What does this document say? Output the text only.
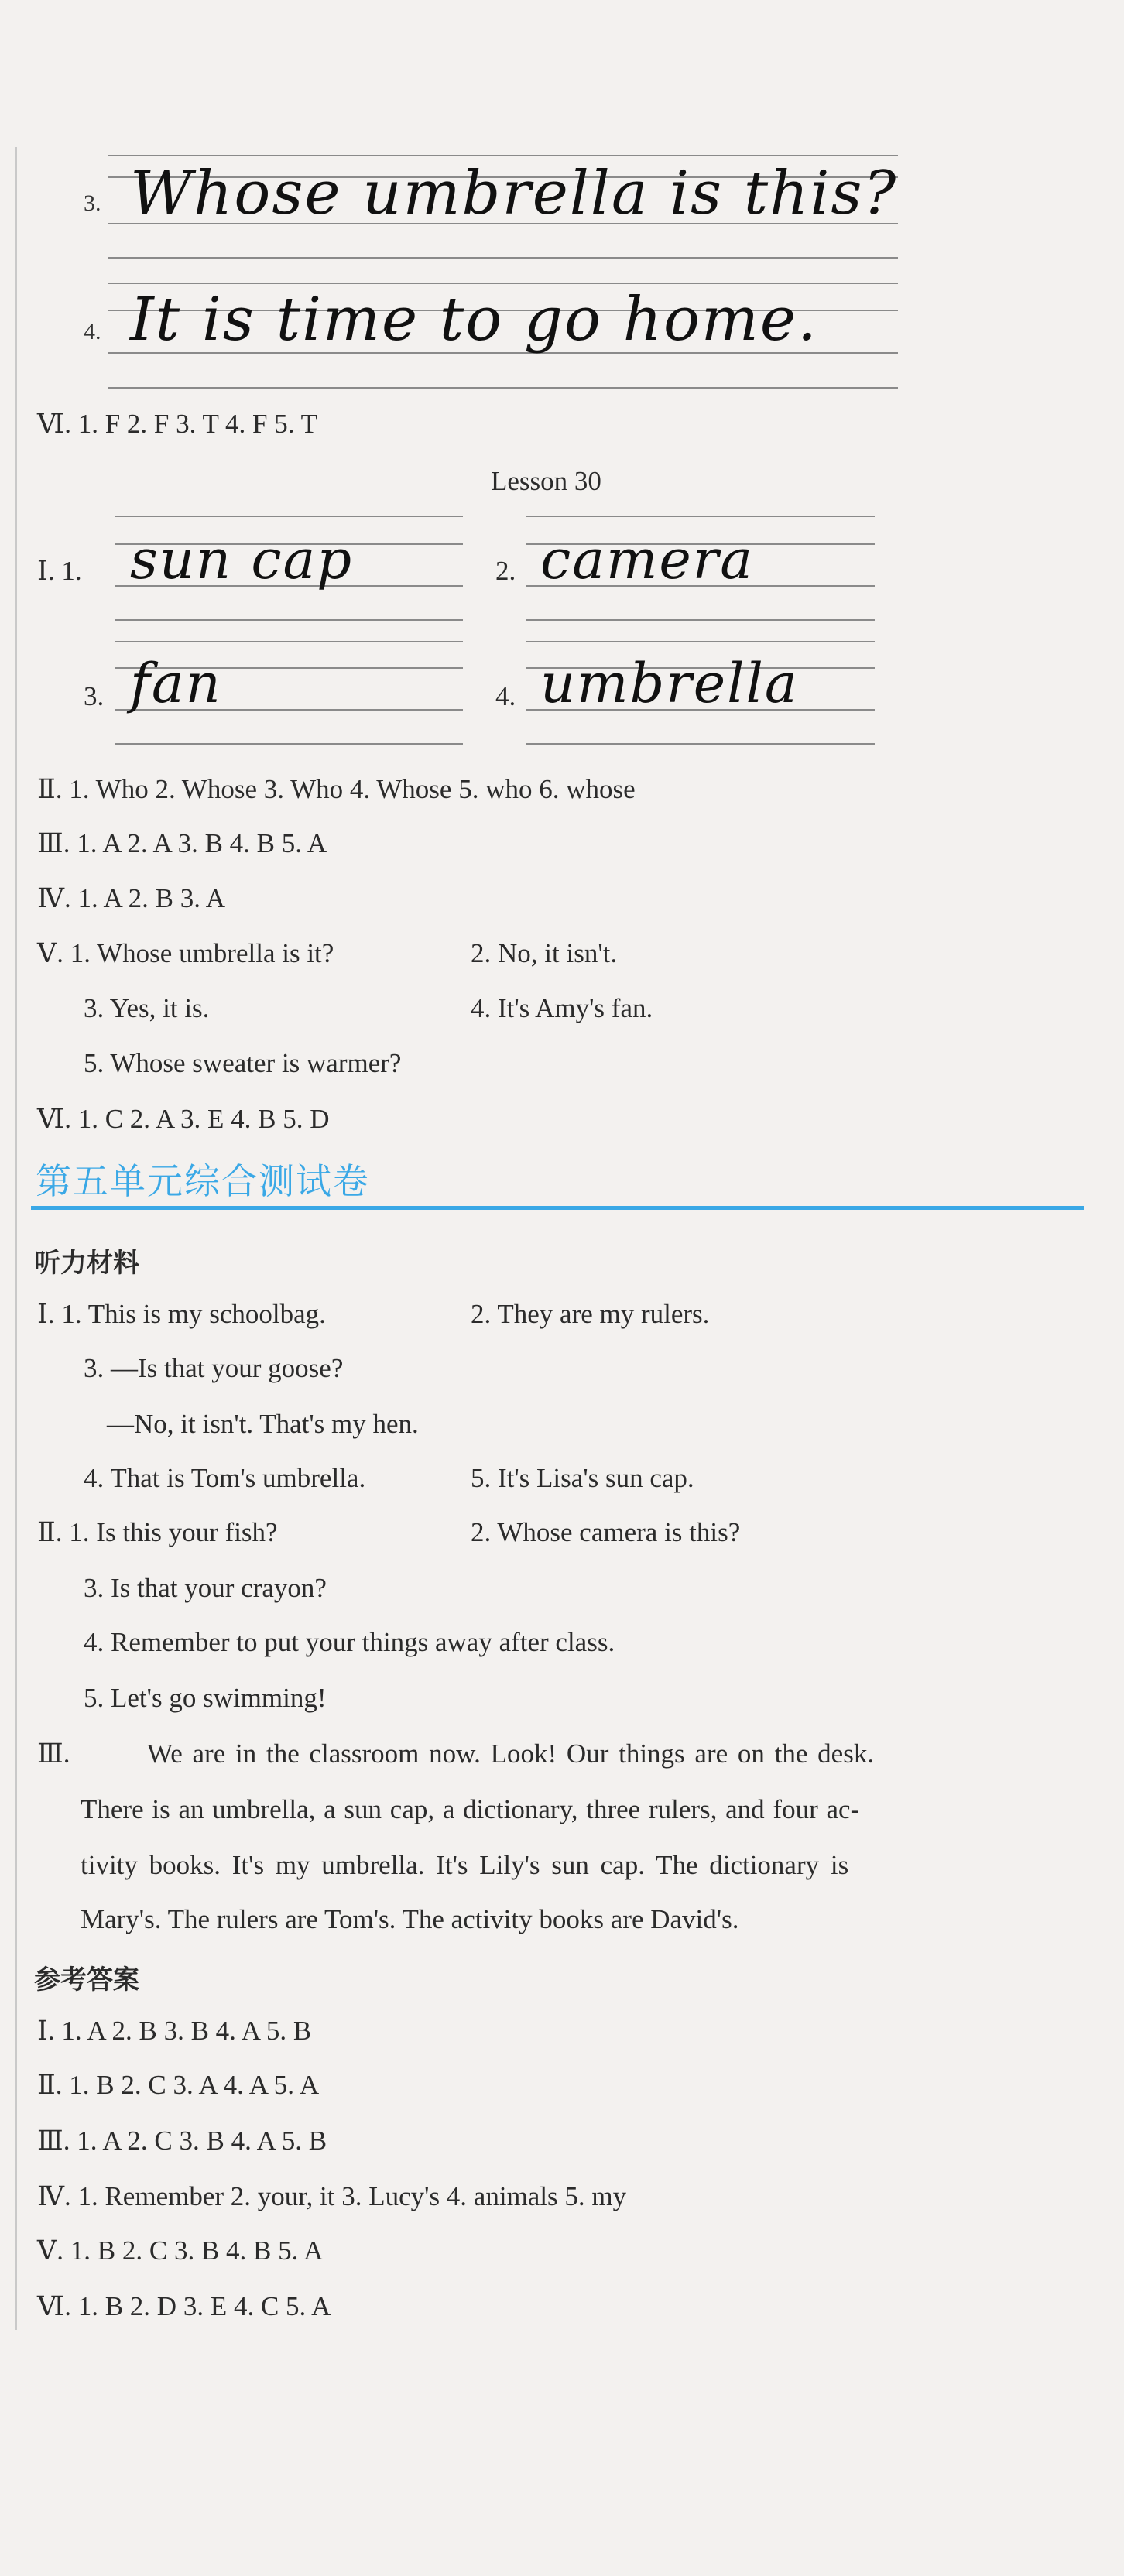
3. Whose umbrella is this?
4. It is time to go home.
Ⅵ. 1. F 2. F 3. T 4. F 5. T
Lesson 30
Ⅰ. 1. sun cap	2. camera
3. fan	4. umbrella
Ⅱ. 1. Who 2. Whose 3. Who 4. Whose 5. who 6. whose
Ⅲ. 1. A 2. A 3. B 4. B 5. A
Ⅳ. 1. A 2. B 3. A
Ⅴ. 1. Whose umbrella is it?	2. No, it isn't.
3. Yes, it is.	4. It's Amy's fan.
5. Whose sweater is warmer?
Ⅵ. 1. C 2. A 3. E 4. B 5. D
第五单元综合测试卷
听力材料
Ⅰ. 1. This is my schoolbag.	2. They are my rulers.
3. —Is that your goose?
—No, it isn't. That's my hen.
4. That is Tom's umbrella.	5. It's Lisa's sun cap.
Ⅱ. 1. Is this your fish?	2. Whose camera is this?
3. Is that your crayon?
4. Remember to put your things away after class.
5. Let's go swimming!
Ⅲ.	We are in the classroom now. Look! Our things are on the desk.
There is an umbrella, a sun cap, a dictionary, three rulers, and four ac-
tivity books. It's my umbrella. It's Lily's sun cap. The dictionary is
Mary's. The rulers are Tom's. The activity books are David's.
参考答案
Ⅰ. 1. A 2. B 3. B 4. A 5. B
Ⅱ. 1. B 2. C 3. A 4. A 5. A
Ⅲ. 1. A 2. C 3. B 4. A 5. B
Ⅳ. 1. Remember 2. your, it 3. Lucy's 4. animals 5. my
Ⅴ. 1. B 2. C 3. B 4. B 5. A
Ⅵ. 1. B 2. D 3. E 4. C 5. A
